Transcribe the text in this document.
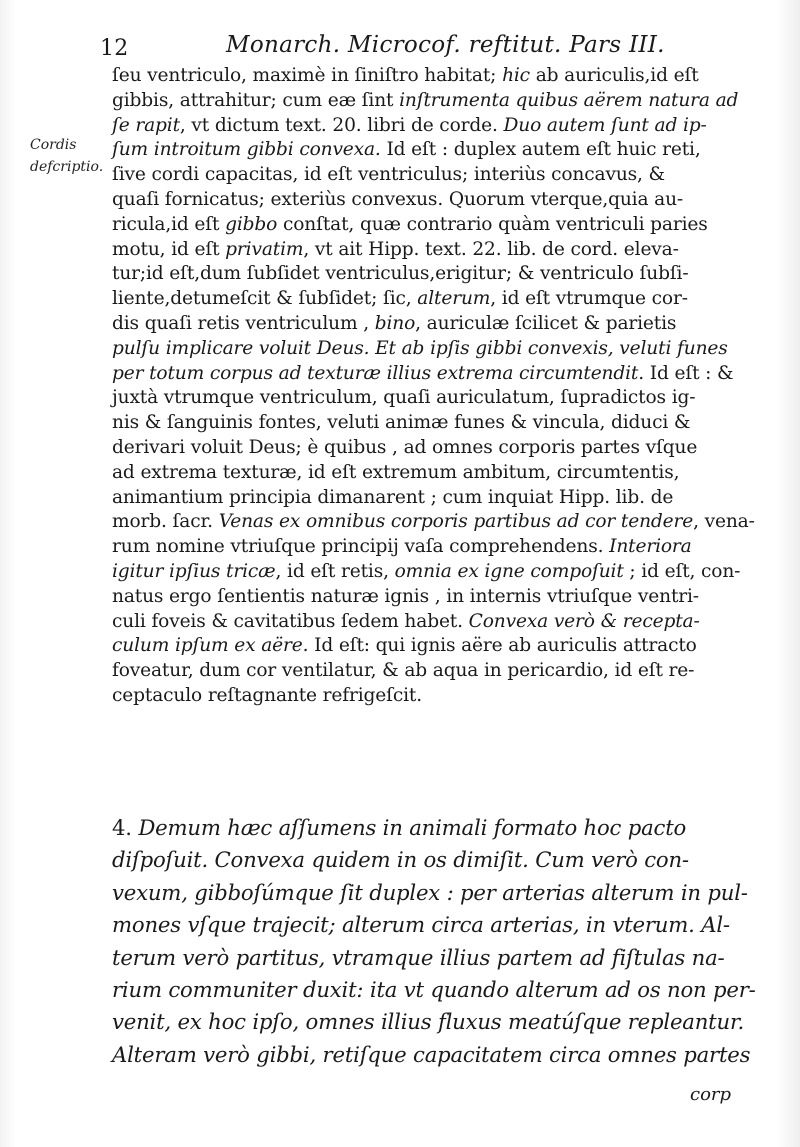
12	Monarch. Microcof. reftitut. Pars III.
Cordis
defcriptio.
ſeu ventriculo, maximè in ſiniſtro habitat; hic ab auriculis,id eſt
gibbis, attrahitur; cum eæ ſint inſtrumenta quibus aërem natura ad
ſe rapit, vt dictum text. 20. libri de corde. Duo autem ſunt ad ip-
ſum introitum gibbi convexa. Id eſt : duplex autem eſt huic reti,
ſive cordi capacitas, id eſt ventriculus; interiùs concavus, &
quaſi fornicatus; exteriùs convexus. Quorum vterque,quia au-
ricula,id eſt gibbo conſtat, quæ contrario quàm ventriculi paries
motu, id eſt privatim, vt ait Hipp. text. 22. lib. de cord. eleva-
tur;id eſt,dum ſubſidet ventriculus,erigitur; & ventriculo ſubſi-
liente,detumeſcit & ſubſidet; ſic, alterum, id eſt vtrumque cor-
dis quaſi retis ventriculum , bino, auriculæ ſcilicet & parietis
pulſu implicare voluit Deus. Et ab ipſis gibbi convexis, veluti funes
per totum corpus ad texturæ illius extrema circumtendit. Id eſt : &
juxtà vtrumque ventriculum, quaſi auriculatum, ſupradictos ig-
nis & ſanguinis fontes, veluti animæ funes & vincula, diduci &
derivari voluit Deus; è quibus , ad omnes corporis partes vſque
ad extrema texturæ, id eſt extremum ambitum, circumtentis,
animantium principia dimanarent ; cum inquiat Hipp. lib. de
morb. ſacr. Venas ex omnibus corporis partibus ad cor tendere, vena-
rum nomine vtriuſque principij vaſa comprehendens. Interiora
igitur ipſius tricæ, id eſt retis, omnia ex igne compoſuit ; id eſt, con-
natus ergo ſentientis naturæ ignis , in internis vtriuſque ventri-
culi foveis & cavitatibus ſedem habet. Convexa verò & recepta-
culum ipſum ex aëre. Id eſt: qui ignis aëre ab auriculis attracto
foveatur, dum cor ventilatur, & ab aqua in pericardio, id eſt re-
ceptaculo reſtagnante refrigeſcit.
4. Demum hæc aſſumens in animali formato hoc pacto
diſpoſuit. Convexa quidem in os dimiſit. Cum verò con-
vexum, gibboſúmque ſit duplex : per arterias alterum in pul-
mones vſque trajecit; alterum circa arterias, in vterum. Al-
terum verò partitus, vtramque illius partem ad fiſtulas na-
rium communiter duxit: ita vt quando alterum ad os non per-
venit, ex hoc ipſo, omnes illius fluxus meatúſque repleantur.
Alteram verò gibbi, retiſque capacitatem circa omnes partes
corp
